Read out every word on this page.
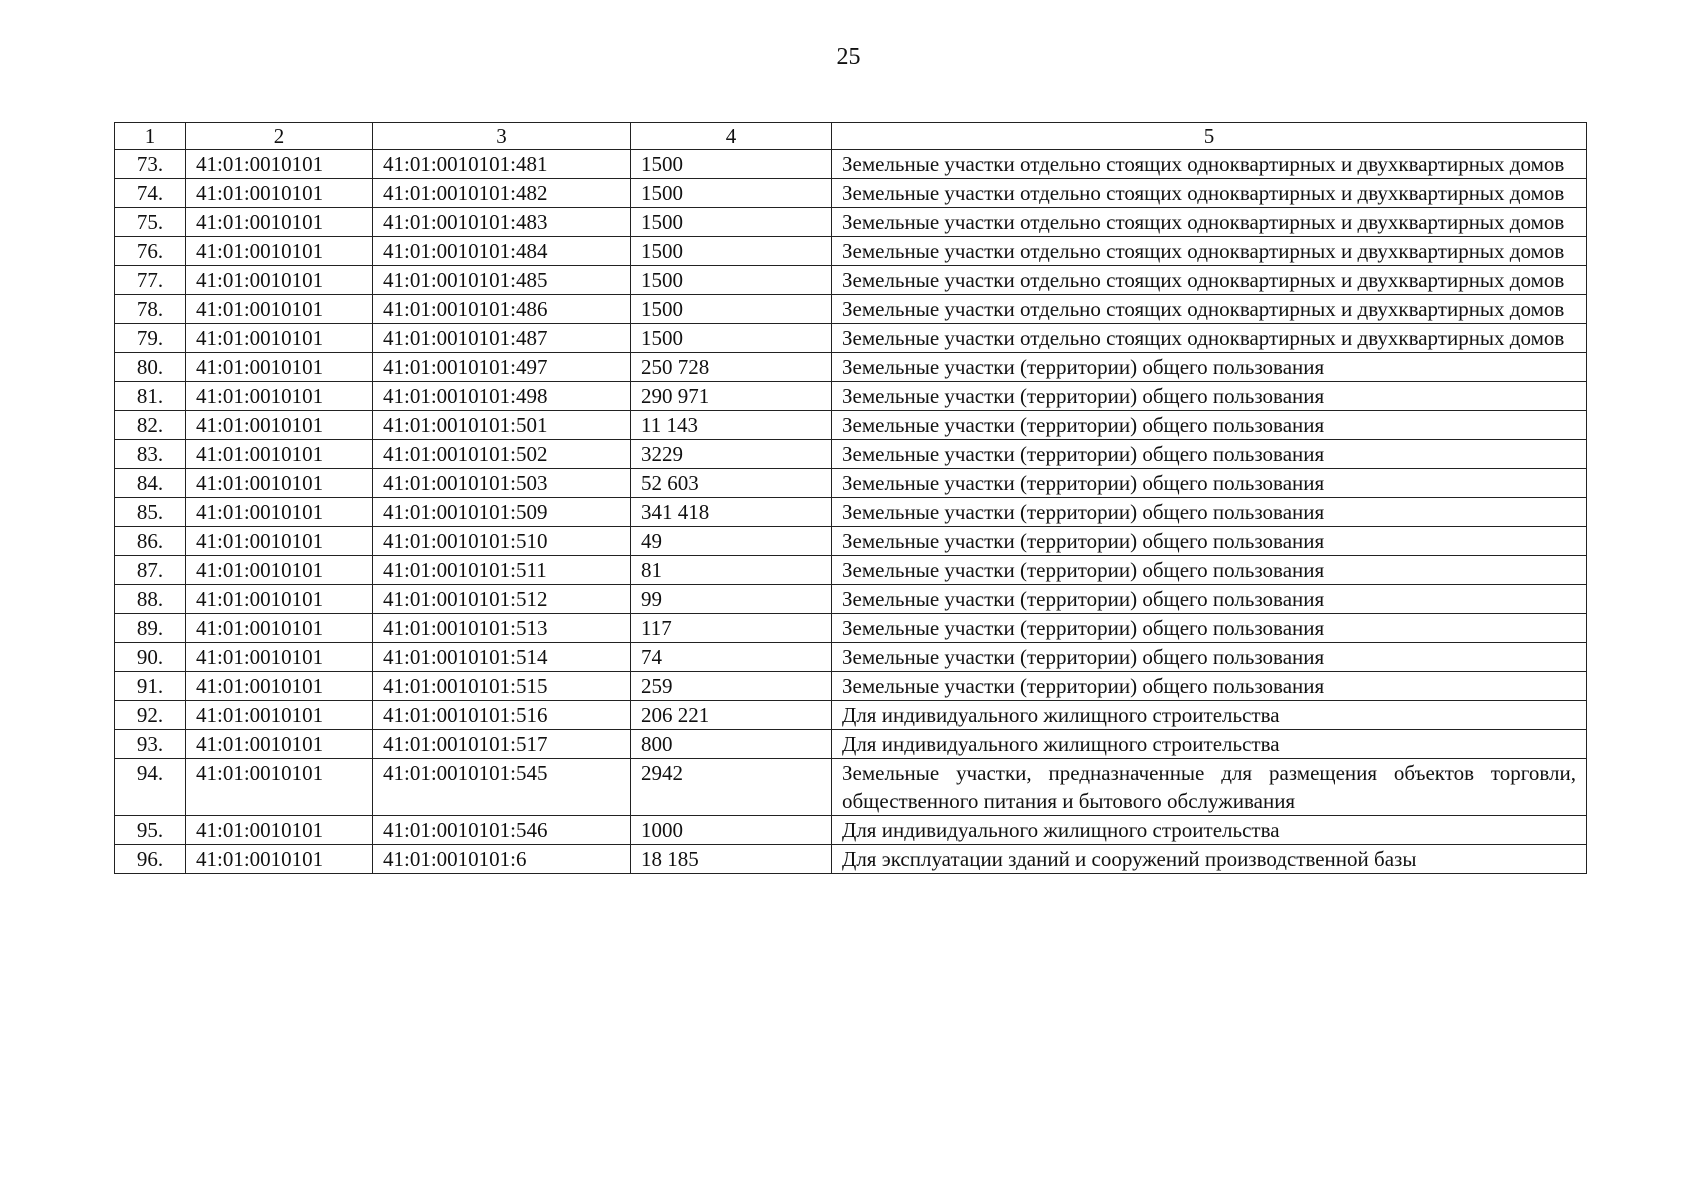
25
1	2	3	4	5
73.	41:01:0010101	41:01:0010101:481	1500	Земельные участки отдельно стоящих одноквартирных и двухквартирных домов
74.	41:01:0010101	41:01:0010101:482	1500	Земельные участки отдельно стоящих одноквартирных и двухквартирных домов
75.	41:01:0010101	41:01:0010101:483	1500	Земельные участки отдельно стоящих одноквартирных и двухквартирных домов
76.	41:01:0010101	41:01:0010101:484	1500	Земельные участки отдельно стоящих одноквартирных и двухквартирных домов
77.	41:01:0010101	41:01:0010101:485	1500	Земельные участки отдельно стоящих одноквартирных и двухквартирных домов
78.	41:01:0010101	41:01:0010101:486	1500	Земельные участки отдельно стоящих одноквартирных и двухквартирных домов
79.	41:01:0010101	41:01:0010101:487	1500	Земельные участки отдельно стоящих одноквартирных и двухквартирных домов
80.	41:01:0010101	41:01:0010101:497	250 728	Земельные участки (территории) общего пользования
81.	41:01:0010101	41:01:0010101:498	290 971	Земельные участки (территории) общего пользования
82.	41:01:0010101	41:01:0010101:501	11 143	Земельные участки (территории) общего пользования
83.	41:01:0010101	41:01:0010101:502	3229	Земельные участки (территории) общего пользования
84.	41:01:0010101	41:01:0010101:503	52 603	Земельные участки (территории) общего пользования
85.	41:01:0010101	41:01:0010101:509	341 418	Земельные участки (территории) общего пользования
86.	41:01:0010101	41:01:0010101:510	49	Земельные участки (территории) общего пользования
87.	41:01:0010101	41:01:0010101:511	81	Земельные участки (территории) общего пользования
88.	41:01:0010101	41:01:0010101:512	99	Земельные участки (территории) общего пользования
89.	41:01:0010101	41:01:0010101:513	117	Земельные участки (территории) общего пользования
90.	41:01:0010101	41:01:0010101:514	74	Земельные участки (территории) общего пользования
91.	41:01:0010101	41:01:0010101:515	259	Земельные участки (территории) общего пользования
92.	41:01:0010101	41:01:0010101:516	206 221	Для индивидуального жилищного строительства
93.	41:01:0010101	41:01:0010101:517	800	Для индивидуального жилищного строительства
94.	41:01:0010101	41:01:0010101:545	2942	Земельные участки, предназначенные для размещения объектов торговли, общественного питания и бытового обслуживания
95.	41:01:0010101	41:01:0010101:546	1000	Для индивидуального жилищного строительства
96.	41:01:0010101	41:01:0010101:6	18 185	Для эксплуатации зданий и сооружений производственной базы
